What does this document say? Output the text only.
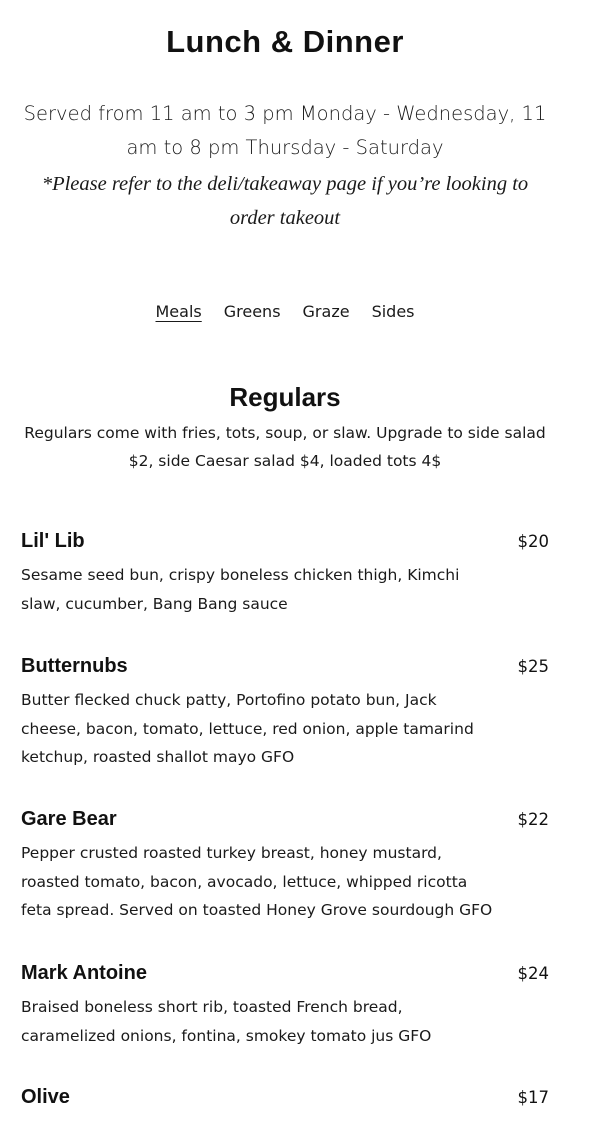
Lunch & Dinner
Served from 11 am to 3 pm Monday - Wednesday, 11 am to 8 pm Thursday - Saturday
*Please refer to the deli/takeaway page if you’re looking to order takeout
Meals Greens Graze Sides
Regulars
Regulars come with fries, tots, soup, or slaw. Upgrade to side salad $2, side Caesar salad $4, loaded tots 4$
Lil' Lib	$20
Sesame seed bun, crispy boneless chicken thigh, Kimchi slaw, cucumber, Bang Bang sauce
Butternubs	$25
Butter flecked chuck patty, Portofino potato bun, Jack cheese, bacon, tomato, lettuce, red onion, apple tamarind ketchup, roasted shallot mayo GFO
Gare Bear	$22
Pepper crusted roasted turkey breast, honey mustard, roasted tomato, bacon, avocado, lettuce, whipped ricotta feta spread. Served on toasted Honey Grove sourdough GFO
Mark Antoine	$24
Braised boneless short rib, toasted French bread, caramelized onions, fontina, smokey tomato jus GFO
Olive	$17
